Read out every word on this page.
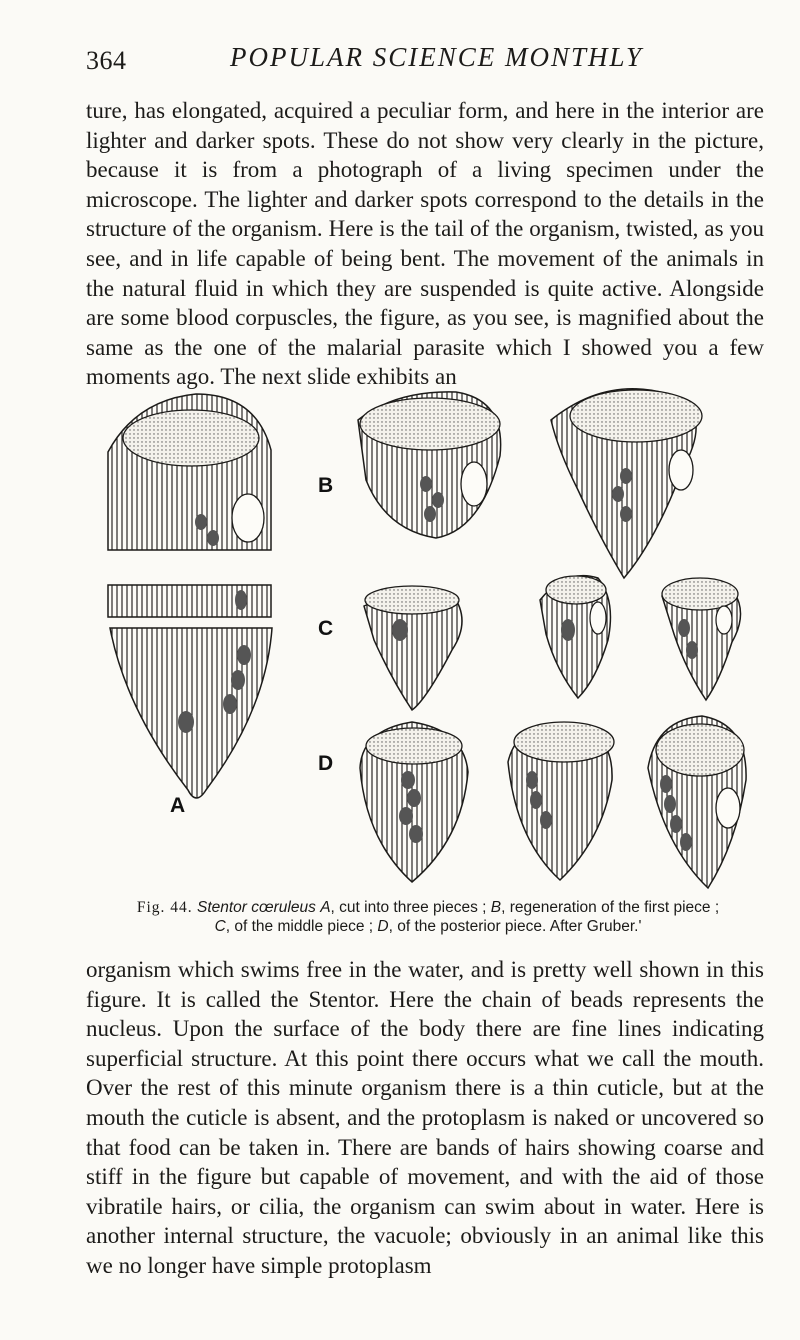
364	POPULAR SCIENCE MONTHLY

ture, has elongated, acquired a peculiar form, and here in the interior are lighter and darker spots. These do not show very clearly in the picture, because it is from a photograph of a living specimen under the microscope. The lighter and darker spots correspond to the details in the structure of the organism. Here is the tail of the organism, twisted, as you see, and in life capable of being bent. The movement of the animals in the natural fluid in which they are suspended is quite active. Alongside are some blood corpuscles, the figure, as you see, is magnified about the same as the one of the malarial parasite which I showed you a few moments ago. The next slide exhibits an

A
B
C
D

Fig. 44. Stentor cœruleus A, cut into three pieces ; B, regeneration of the first piece ;
C, of the middle piece ; D, of the posterior piece. After Gruber.'

organism which swims free in the water, and is pretty well shown in this figure. It is called the Stentor. Here the chain of beads represents the nucleus. Upon the surface of the body there are fine lines indicating superficial structure. At this point there occurs what we call the mouth. Over the rest of this minute organism there is a thin cuticle, but at the mouth the cuticle is absent, and the protoplasm is naked or uncovered so that food can be taken in. There are bands of hairs showing coarse and stiff in the figure but capable of movement, and with the aid of those vibratile hairs, or cilia, the organism can swim about in water. Here is another internal structure, the vacuole; obviously in an animal like this we no longer have simple protoplasm
